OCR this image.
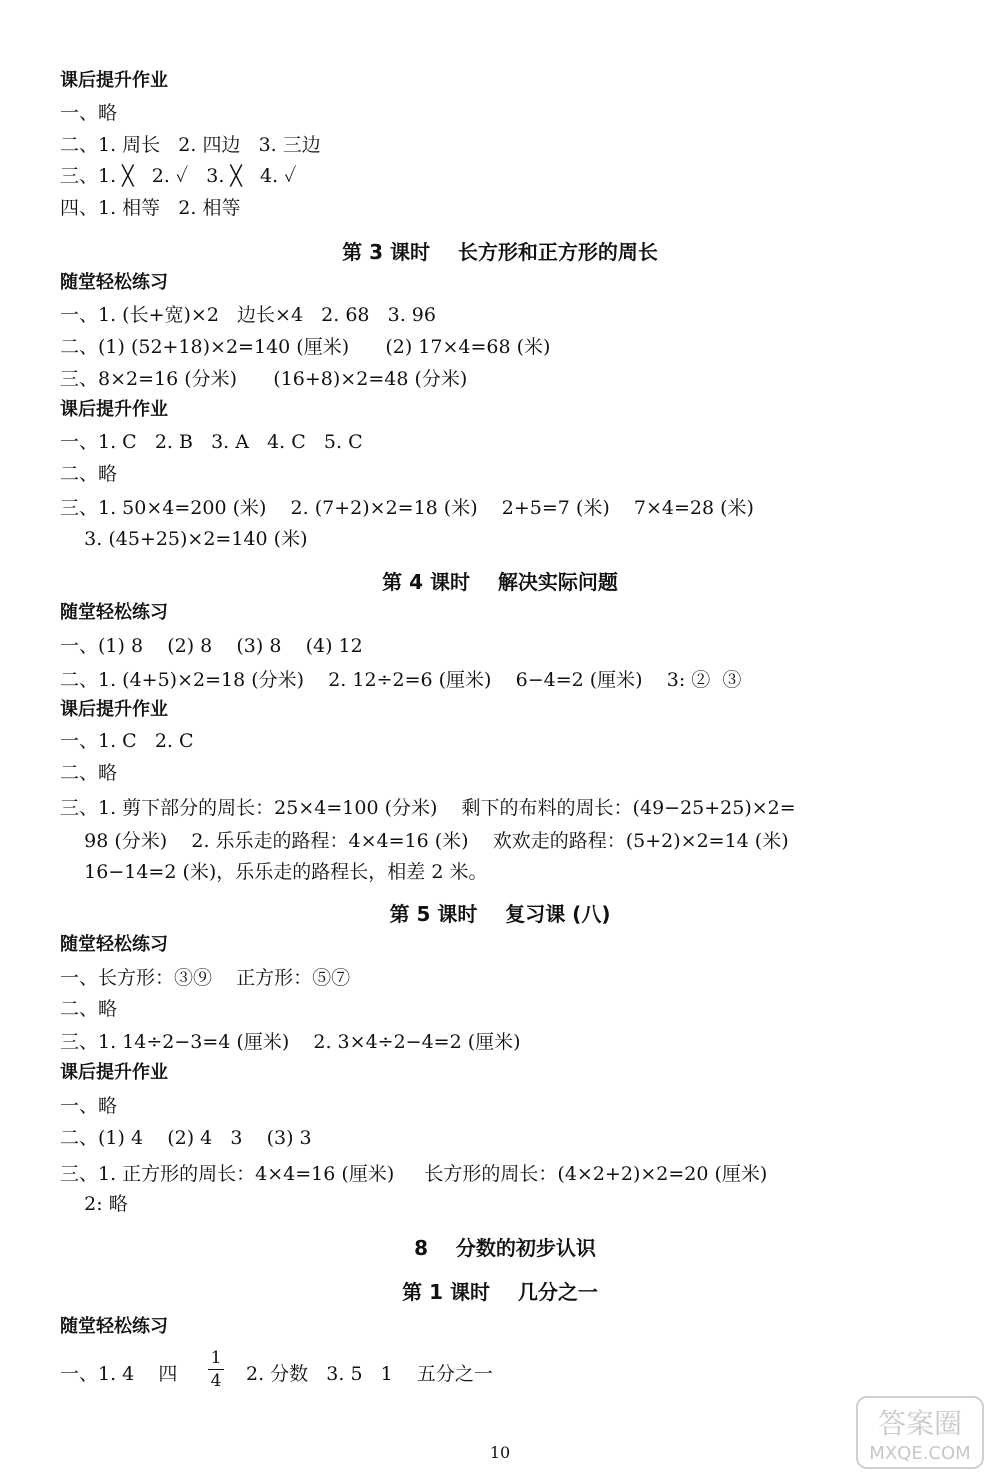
课后提升作业
一、略
二、1. 周长   2. 四边   3. 三边
三、1. ╳   2. ✓   3. ╳   4. ✓
四、1. 相等   2. 相等
第 3 课时    长方形和正方形的周长
随堂轻松练习
一、1. (长+宽)×2   边长×4   2. 68   3. 96
二、(1) (52+18)×2=140 (厘米)      (2) 17×4=68 (米)
三、8×2=16 (分米)      (16+8)×2=48 (分米)
课后提升作业
一、1. C   2. B   3. A   4. C   5. C
二、略
三、1. 50×4=200 (米)    2. (7+2)×2=18 (米)    2+5=7 (米)    7×4=28 (米)
3. (45+25)×2=140 (米)
第 4 课时    解决实际问题
随堂轻松练习
一、(1) 8    (2) 8    (3) 8    (4) 12
二、1. (4+5)×2=18 (分米)    2. 12÷2=6 (厘米)    6−4=2 (厘米)    3: ②  ③
课后提升作业
一、1. C   2. C
二、略
三、1. 剪下部分的周长：25×4=100 (分米)    剩下的布料的周长：(49−25+25)×2=
98 (分米)    2. 乐乐走的路程：4×4=16 (米)    欢欢走的路程：(5+2)×2=14 (米)
16−14=2 (米)，乐乐走的路程长，相差 2 米。
第 5 课时    复习课 (八)
随堂轻松练习
一、长方形：③⑨    正方形：⑤⑦
二、略
三、1. 14÷2−3=4 (厘米)    2. 3×4÷2−4=2 (厘米)
课后提升作业
一、略
二、(1) 4    (2) 4   3    (3) 3
三、1. 正方形的周长：4×4=16 (厘米)     长方形的周长：(4×2+2)×2=20 (厘米)
2: 略
8    分数的初步认识
第 1 课时    几分之一
随堂轻松练习
一、1. 4    四
1
4 2. 分数   3. 5   1    五分之一
10
答案圈
MXQE.COM
